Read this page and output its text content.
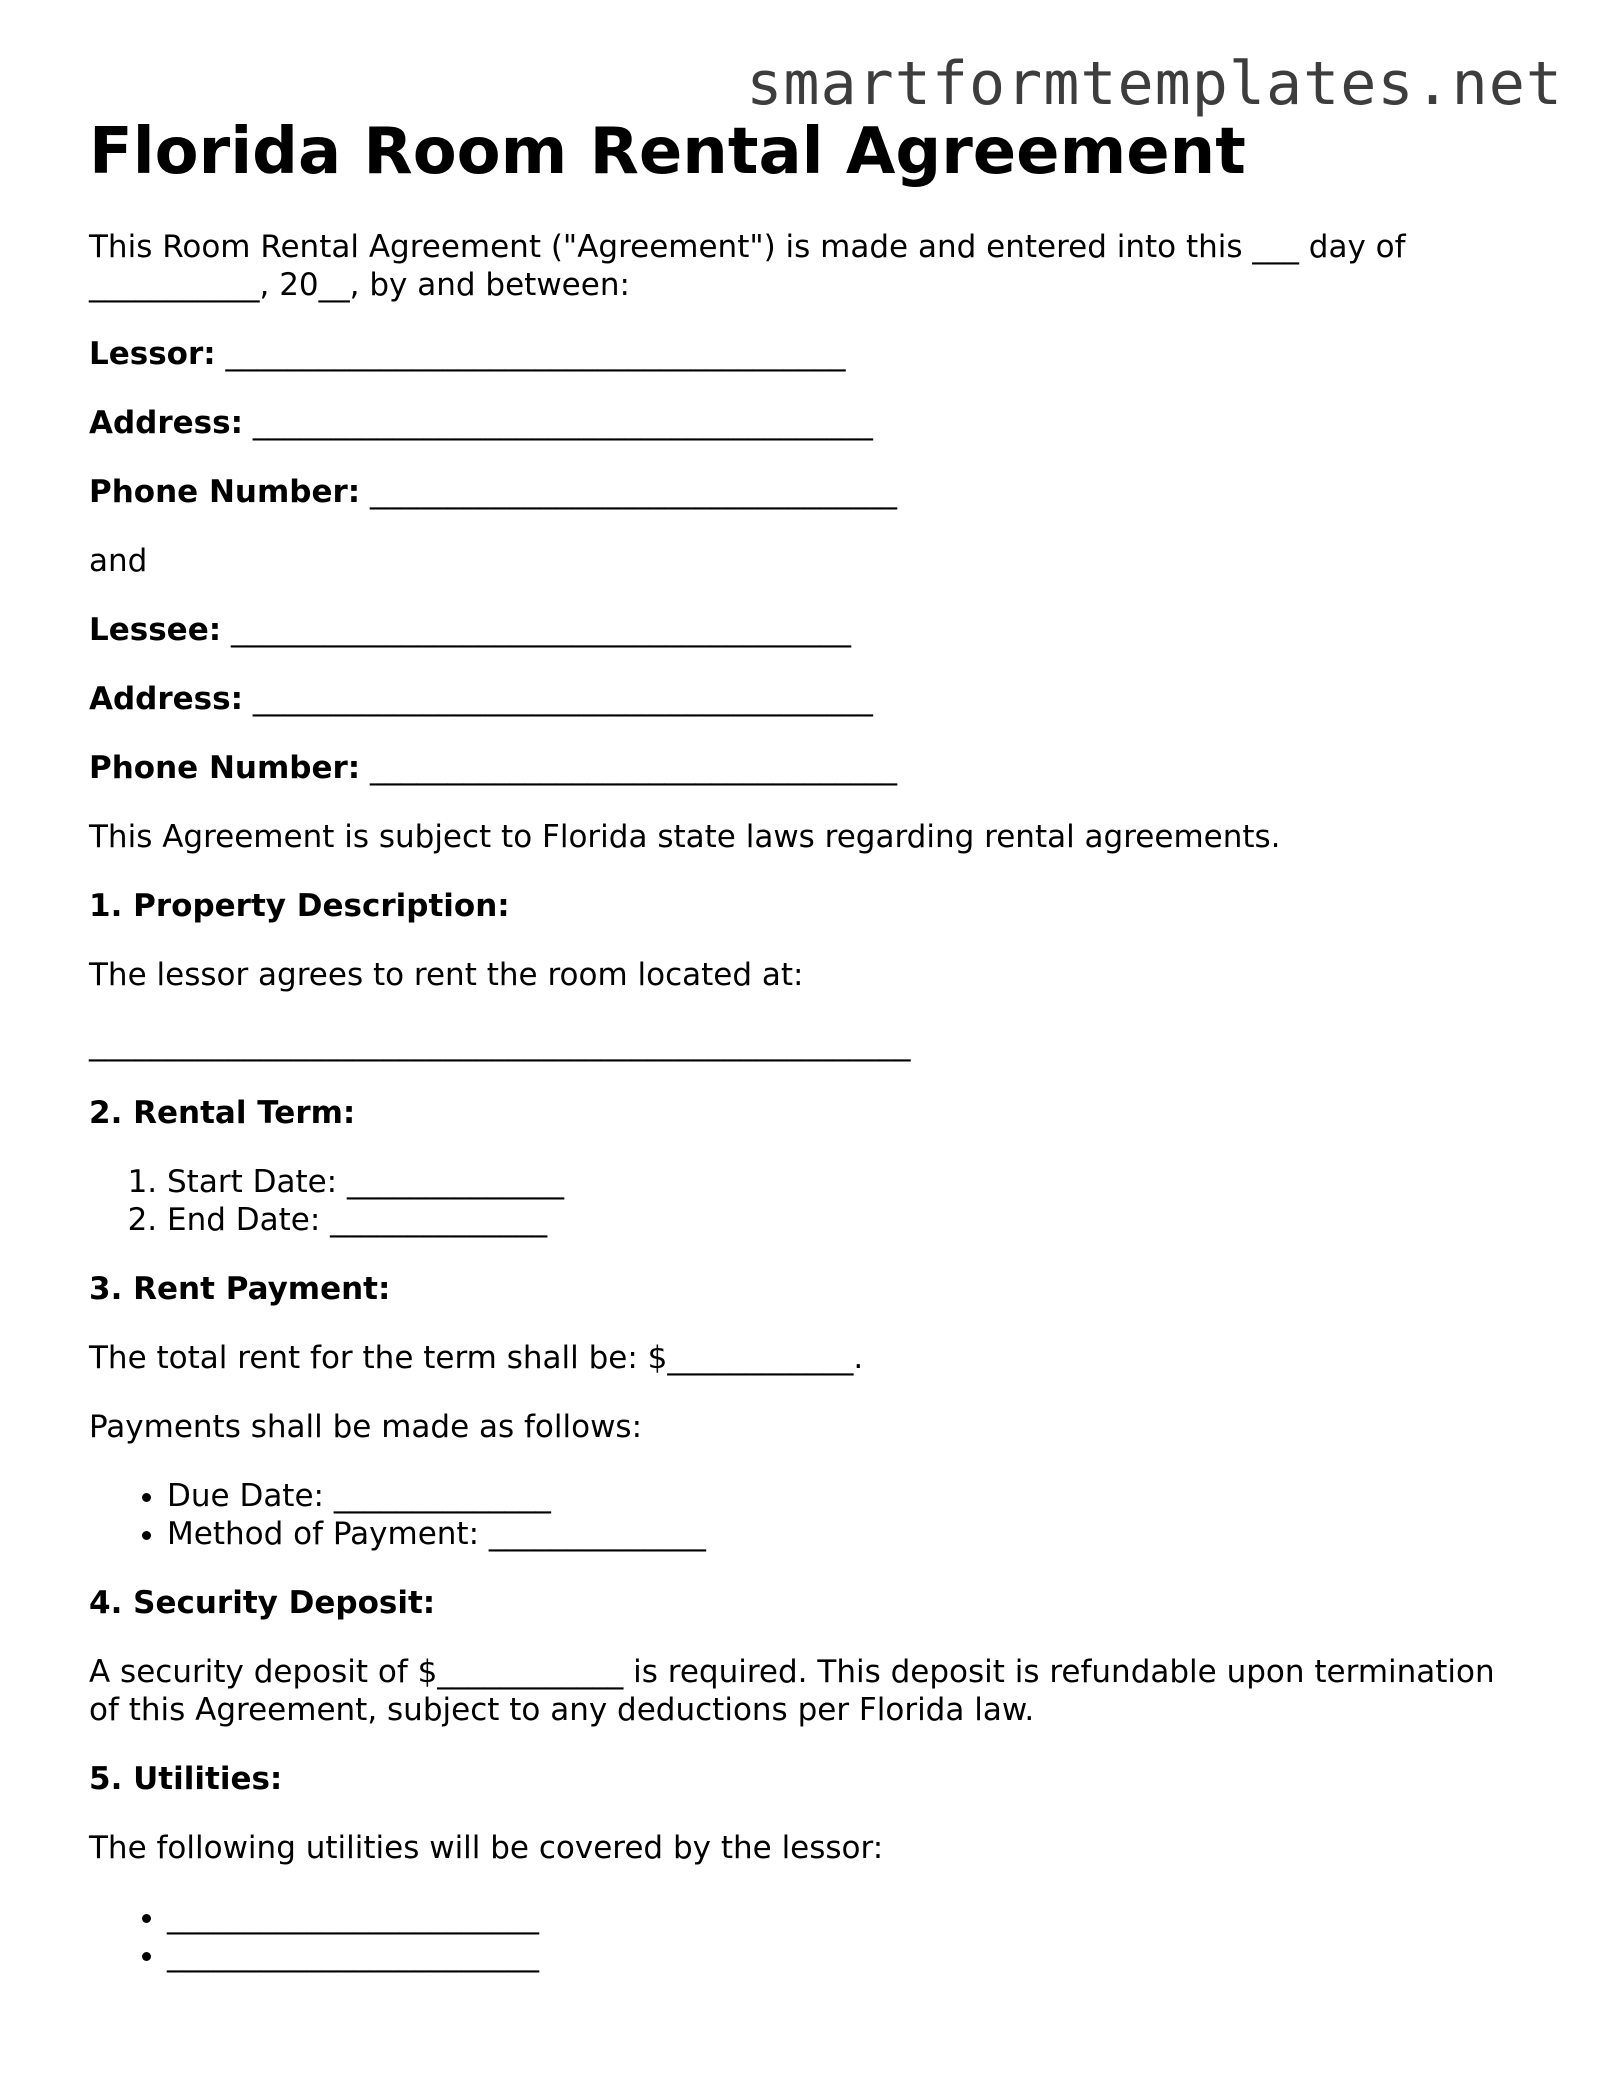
smartformtemplates.net
Florida Room Rental Agreement

This Room Rental Agreement ("Agreement") is made and entered into this ___ day of ___________, 20__, by and between:

Lessor: ________________________________________

Address: ________________________________________

Phone Number: __________________________________

and

Lessee: ________________________________________

Address: ________________________________________

Phone Number: __________________________________

This Agreement is subject to Florida state laws regarding rental agreements.

1. Property Description:

The lessor agrees to rent the room located at:

_____________________________________________________

2. Rental Term:

1. Start Date: ______________
2. End Date: ______________

3. Rent Payment:

The total rent for the term shall be: $____________.

Payments shall be made as follows:

• Due Date: ______________
• Method of Payment: ______________

4. Security Deposit:

A security deposit of $____________ is required. This deposit is refundable upon termination of this Agreement, subject to any deductions per Florida law.

5. Utilities:

The following utilities will be covered by the lessor:

• ________________________
• ________________________
